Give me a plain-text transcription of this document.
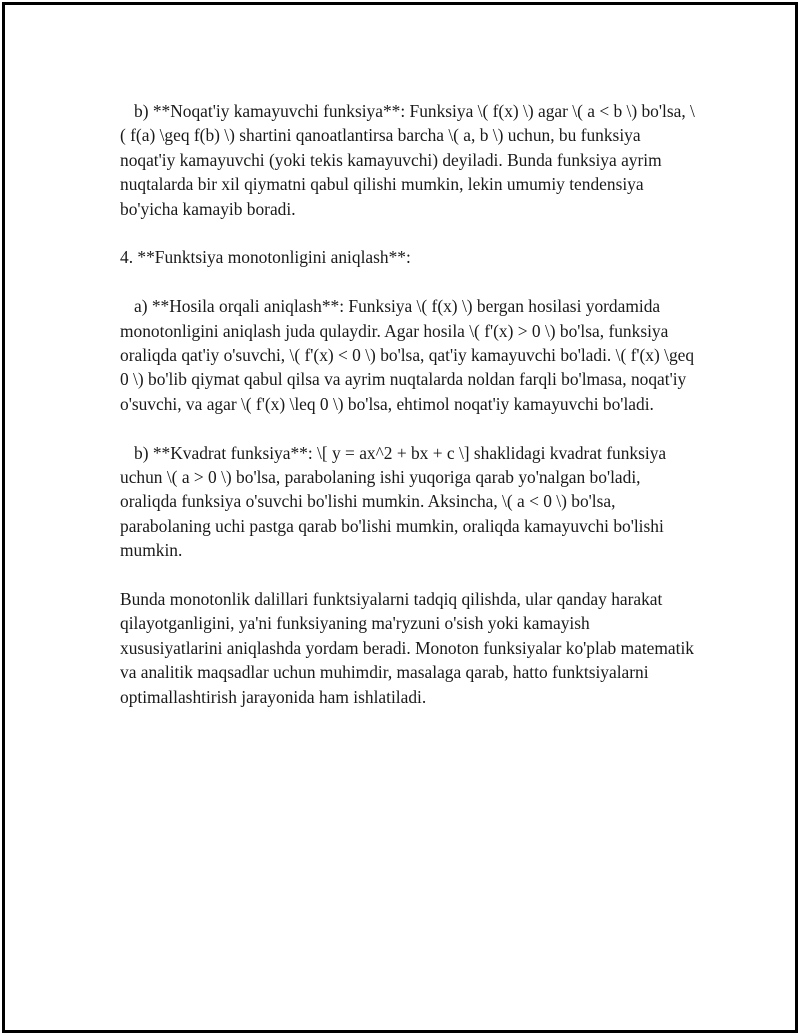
b) **Noqat'iy kamayuvchi funksiya**: Funksiya \( f(x) \) agar \( a < b \) bo'lsa, \( f(a) \geq f(b) \) shartini qanoatlantirsa barcha \( a, b \) uchun, bu funksiya noqat'iy kamayuvchi (yoki tekis kamayuvchi) deyiladi. Bunda funksiya ayrim nuqtalarda bir xil qiymatni qabul qilishi mumkin, lekin umumiy tendensiya bo'yicha kamayib boradi.

4. **Funktsiya monotonligini aniqlash**:

a) **Hosila orqali aniqlash**: Funksiya \( f(x) \) bergan hosilasi yordamida monotonligini aniqlash juda qulaydir. Agar hosila \( f'(x) > 0 \) bo'lsa, funksiya oraliqda qat'iy o'suvchi, \( f'(x) < 0 \) bo'lsa, qat'iy kamayuvchi bo'ladi. \( f'(x) \geq 0 \) bo'lib qiymat qabul qilsa va ayrim nuqtalarda noldan farqli bo'lmasa, noqat'iy o'suvchi, va agar \( f'(x) \leq 0 \) bo'lsa, ehtimol noqat'iy kamayuvchi bo'ladi.

b) **Kvadrat funksiya**: \[ y = ax^2 + bx + c \] shaklidagi kvadrat funksiya uchun \( a > 0 \) bo'lsa, parabolaning ishi yuqoriga qarab yo'nalgan bo'ladi, oraliqda funksiya o'suvchi bo'lishi mumkin. Aksincha, \( a < 0 \) bo'lsa, parabolaning uchi pastga qarab bo'lishi mumkin, oraliqda kamayuvchi bo'lishi mumkin.

Bunda monotonlik dalillari funktsiyalarni tadqiq qilishda, ular qanday harakat qilayotganligini, ya'ni funksiyaning ma'ryzuni o'sish yoki kamayish xususiyatlarini aniqlashda yordam beradi. Monoton funksiyalar ko'plab matematik va analitik maqsadlar uchun muhimdir, masalaga qarab, hatto funktsiyalarni optimallashtirish jarayonida ham ishlatiladi.
